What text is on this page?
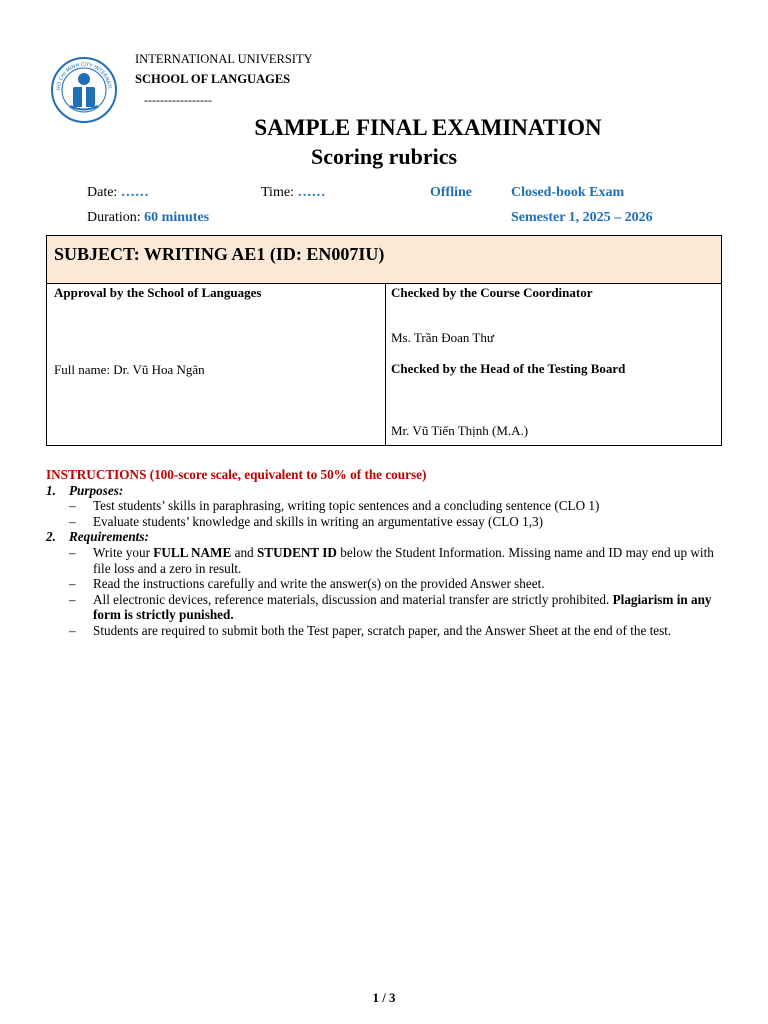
HO CHI MINH CITY INTERNATI
INTERNATIONAL UNIVERSITY
SCHOOL OF LANGUAGES
-----------------
SAMPLE FINAL EXAMINATION
Scoring rubrics
Date: ……	Time: ……	Offline	Closed-book Exam
Duration: 60 minutes	Semester 1, 2025 – 2026
SUBJECT: WRITING AE1 (ID: EN007IU)
Approval by the School of Languages
Full name: Dr. Vũ Hoa Ngân
Checked by the Course Coordinator
Ms. Trần Đoan Thư
Checked by the Head of the Testing Board
Mr. Vũ Tiến Thịnh (M.A.)
INSTRUCTIONS (100-score scale, equivalent to 50% of the course)
1. Purposes:
– Test students’ skills in paraphrasing, writing topic sentences and a concluding sentence (CLO 1)
– Evaluate students’ knowledge and skills in writing an argumentative essay (CLO 1,3)
2. Requirements:
– Write your FULL NAME and STUDENT ID below the Student Information. Missing name and ID may end up with file loss and a zero in result.
– Read the instructions carefully and write the answer(s) on the provided Answer sheet.
– All electronic devices, reference materials, discussion and material transfer are strictly prohibited. Plagiarism in any form is strictly punished.
– Students are required to submit both the Test paper, scratch paper, and the Answer Sheet at the end of the test.
1 / 3
